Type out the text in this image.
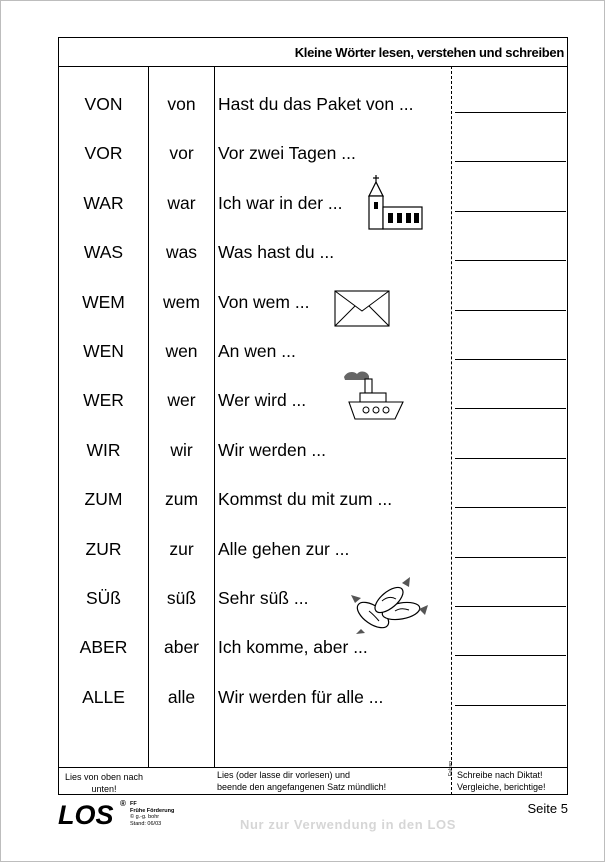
Kleine Wörter lesen, verstehen und schreiben
VON	von	Hast du das Paket von ...
VOR	vor	Vor zwei Tagen ...
WAR	war	Ich war in der ...
WAS	was	Was hast du ...
WEM	wem	Von wem ...
WEN	wen	An wen ...
WER	wer	Wer wird ...
WIR	wir	Wir werden ...
ZUM	zum	Kommst du mit zum ...
ZUR	zur	Alle gehen zur ...
SÜß	süß	Sehr süß ...
ABER	aber	Ich komme, aber ...
ALLE	alle	Wir werden für alle ...
Lies von oben nach unten!
Lies (oder lasse dir vorlesen) und
beende den angefangenen Satz mündlich!
Falzen Schreibe nach Diktat!
Vergleiche, berichtige!
LOS ® FF
Frühe Förderung
© g.-g. bohr
Stand: 06/03
Seite 5
Nur zur Verwendung in den LOS
